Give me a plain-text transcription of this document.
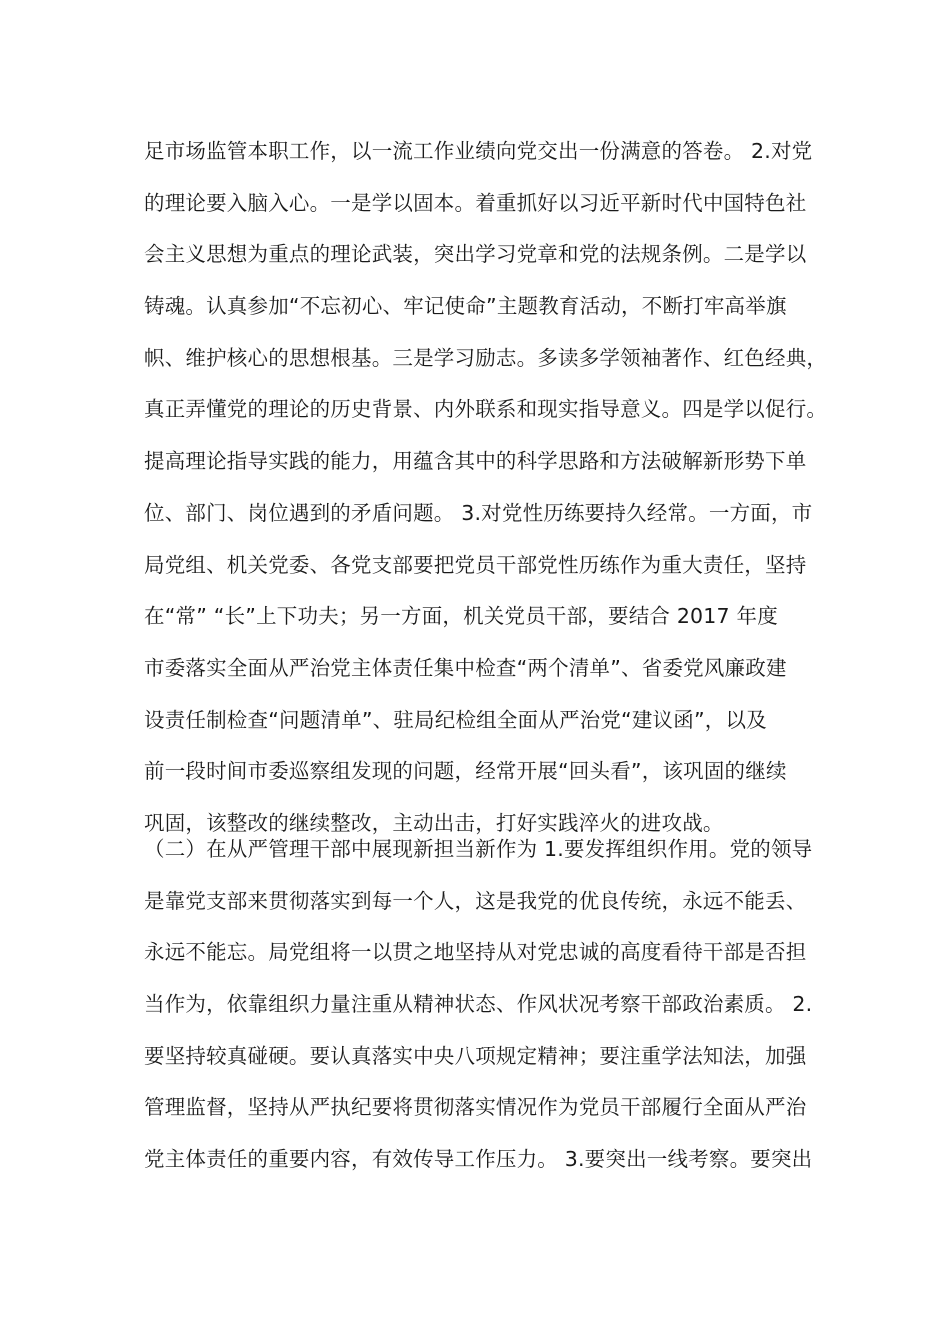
足市场监管本职工作，以一流工作业绩向党交出一份满意的答卷。 2.对党
的理论要入脑入心。一是学以固本。着重抓好以习近平新时代中国特色社
会主义思想为重点的理论武装，突出学习党章和党的法规条例。二是学以
铸魂。认真参加“不忘初心、牢记使命”主题教育活动，不断打牢高举旗
帜、维护核心的思想根基。三是学习励志。多读多学领袖著作、红色经典，
真正弄懂党的理论的历史背景、内外联系和现实指导意义。四是学以促行。
提高理论指导实践的能力，用蕴含其中的科学思路和方法破解新形势下单
位、部门、岗位遇到的矛盾问题。 3.对党性历练要持久经常。一方面，市
局党组、机关党委、各党支部要把党员干部党性历练作为重大责任，坚持
在“常” “长”上下功夫；另一方面，机关党员干部，要结合 2017 年度
市委落实全面从严治党主体责任集中检查“两个清单”、省委党风廉政建
设责任制检查“问题清单”、驻局纪检组全面从严治党“建议函”，以及
前一段时间市委巡察组发现的问题，经常开展“回头看”，该巩固的继续
巩固，该整改的继续整改，主动出击，打好实践淬火的进攻战。
（二）在从严管理干部中展现新担当新作为 1.要发挥组织作用。党的领导
是靠党支部来贯彻落实到每一个人，这是我党的优良传统，永远不能丢、
永远不能忘。局党组将一以贯之地坚持从对党忠诚的高度看待干部是否担
当作为，依靠组织力量注重从精神状态、作风状况考察干部政治素质。 2.
要坚持较真碰硬。要认真落实中央八项规定精神；要注重学法知法，加强
管理监督，坚持从严执纪要将贯彻落实情况作为党员干部履行全面从严治
党主体责任的重要内容，有效传导工作压力。 3.要突出一线考察。要突出
